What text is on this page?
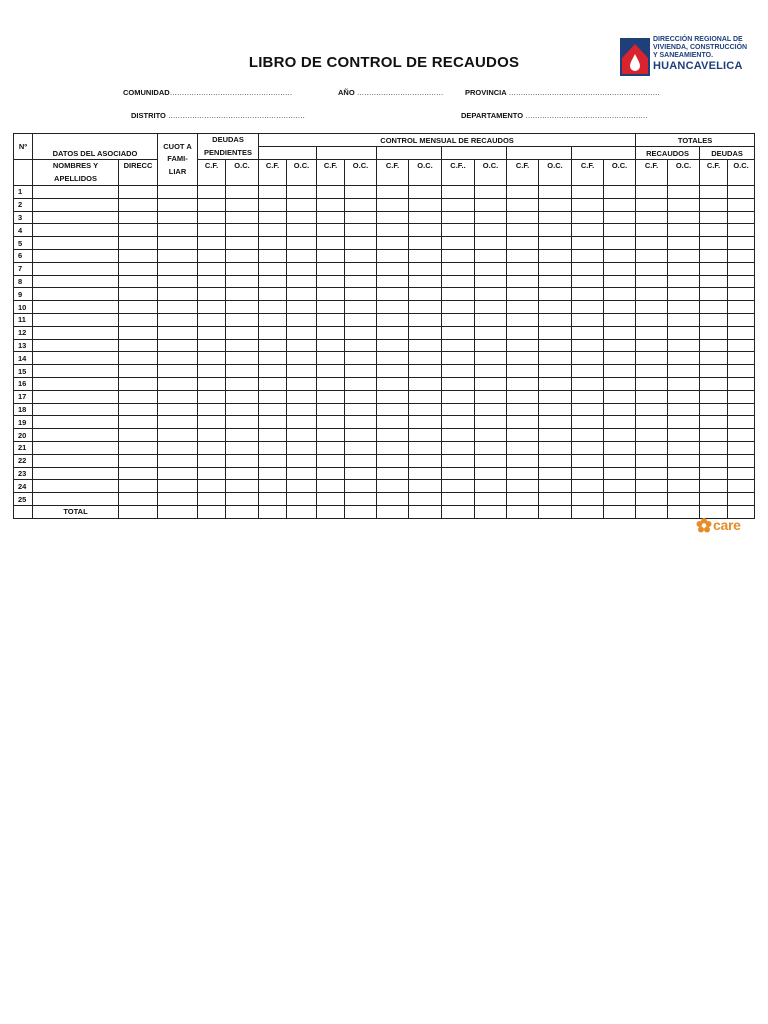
LIBRO DE CONTROL DE RECAUDOS
DIRECCIÓN REGIONAL DE
VIVIENDA, CONSTRUCCIÓN
Y SANEAMIENTO.
HUANCAVELICA
COMUNIDAD……………………………………………	AÑO ………………………………	PROVINCIA ………………………………………………………
DISTRITO …………………………………………………	DEPARTAMENTO ……………………………………………
Nº	DATOS DEL ASOCIADO		CUOT A FAMI- LIAR	DEUDAS PENDIENTES		CONTROL MENSUAL DE RECAUDOS												TOTALES			
																		RECAUDOS		DEUDAS	
	NOMBRES Y APELLIDOS	DIRECC		C.F.	O.C.	C.F.	O.C.	C.F.	O.C.	C.F.	O.C.	C.F..	O.C.	C.F.	O.C.	C.F.	O.C.	C.F.	O.C.	C.F.	O.C.
1																					
2																					
3																					
4																					
5																					
6																					
7																					
8																					
9																					
10																					
11																					
12																					
13																					
14																					
15																					
16																					
17																					
18																					
19																					
20																					
21																					
22																					
23																					
24																					
25																					
	TOTAL																				
care
